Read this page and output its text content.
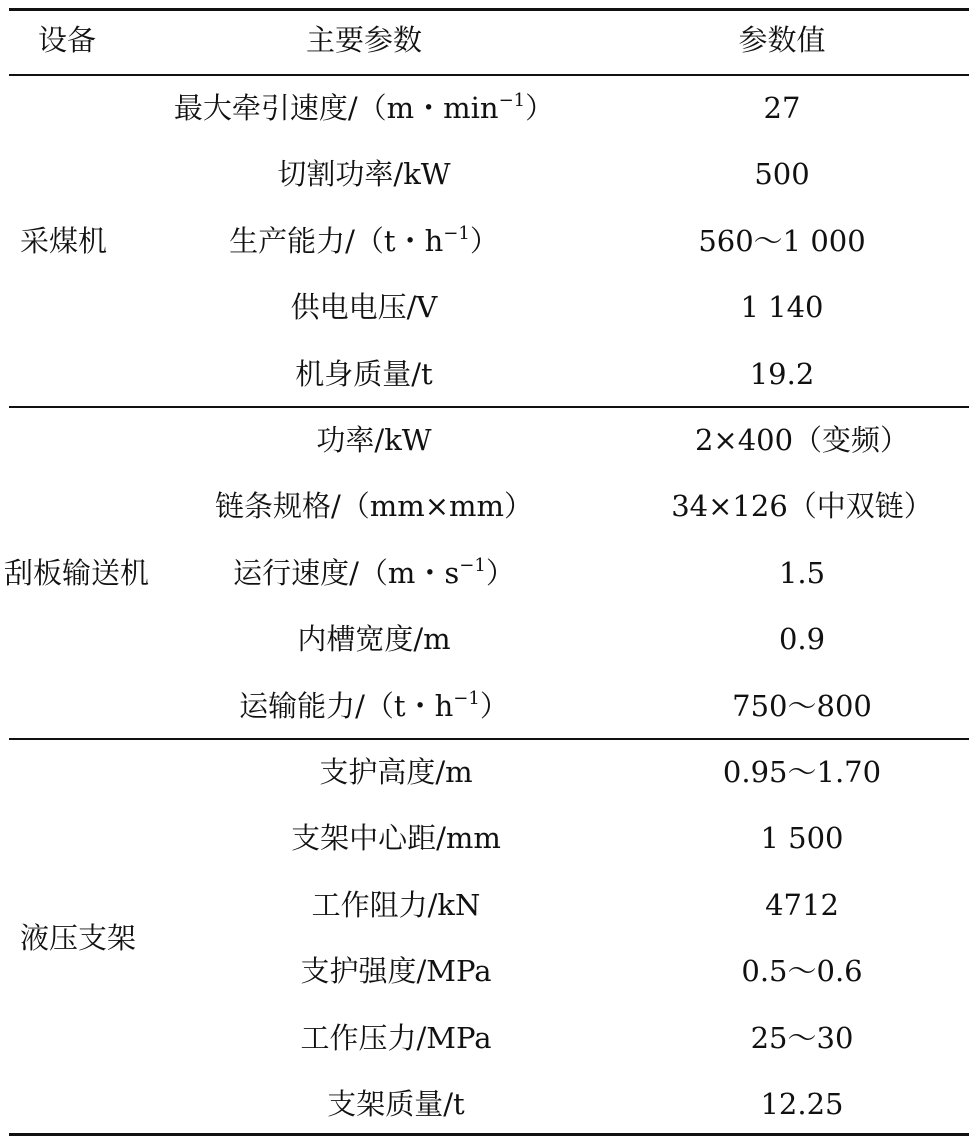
设备	主要参数	参数值
最大牵引速度/（m・$\min^{-1}$）	27
切割功率/kW	500
生产能力/（t・$h^{-1}$）	560～1 000
供电电压/V	1 140
机身质量/t	19.2
采煤机
功率/kW	2×400（变频）
链条规格/（mm×mm）	34×126（中双链）
运行速度/（m・$s^{-1}$）	1.5
内槽宽度/m	0.9
运输能力/（t・$h^{-1}$）	750～800
刮板输送机
支护高度/m	0.95～1.70
支架中心距/mm	1 500
工作阻力/kN	4712
支护强度/MPa	0.5～0.6
工作压力/MPa	25～30
支架质量/t	12.25
液压支架
